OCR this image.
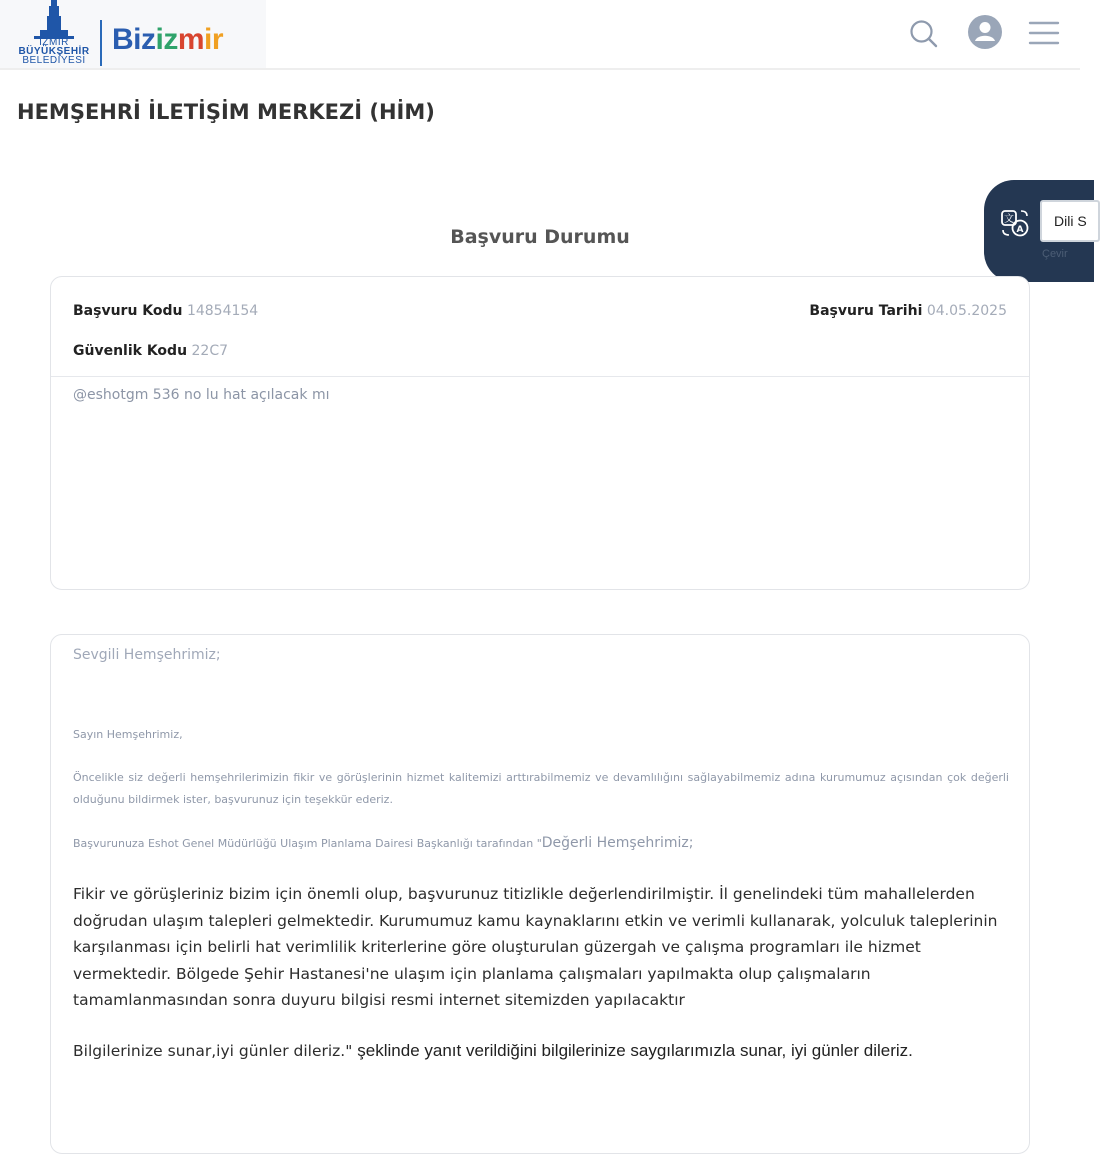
İZMİR
BÜYÜKŞEHİR
BELEDİYESİ
Bizizmir
HEMŞEHRİ İLETİŞİM MERKEZİ (HİM)
文
A
Dili S
Çevir
Başvuru Durumu
Başvuru Kodu 14854154	Başvuru Tarihi 04.05.2025
Güvenlik Kodu 22C7
@eshotgm 536 no lu hat açılacak mı
Sevgili Hemşehrimiz;
Sayın Hemşehrimiz,
Öncelikle siz değerli hemşehrilerimizin fikir ve görüşlerinin hizmet kalitemizi arttırabilmemiz ve devamlılığını sağlayabilmemiz adına kurumumuz açısından çok değerli olduğunu bildirmek ister, başvurunuz için teşekkür ederiz.
Başvurunuza Eshot Genel Müdürlüğü Ulaşım Planlama Dairesi Başkanlığı tarafından "Değerli Hemşehrimiz;
Fikir ve görüşleriniz bizim için önemli olup, başvurunuz titizlikle değerlendirilmiştir. İl genelindeki tüm mahallelerden doğrudan ulaşım talepleri gelmektedir. Kurumumuz kamu kaynaklarını etkin ve verimli kullanarak, yolculuk taleplerinin karşılanması için belirli hat verimlilik kriterlerine göre oluşturulan güzergah ve çalışma programları ile hizmet vermektedir. Bölgede Şehir Hastanesi'ne ulaşım için planlama çalışmaları yapılmakta olup çalışmaların tamamlanmasından sonra duyuru bilgisi resmi internet sitemizden yapılacaktır
Bilgilerinize sunar,iyi günler dileriz." şeklinde yanıt verildiğini bilgilerinize saygılarımızla sunar, iyi günler dileriz.
